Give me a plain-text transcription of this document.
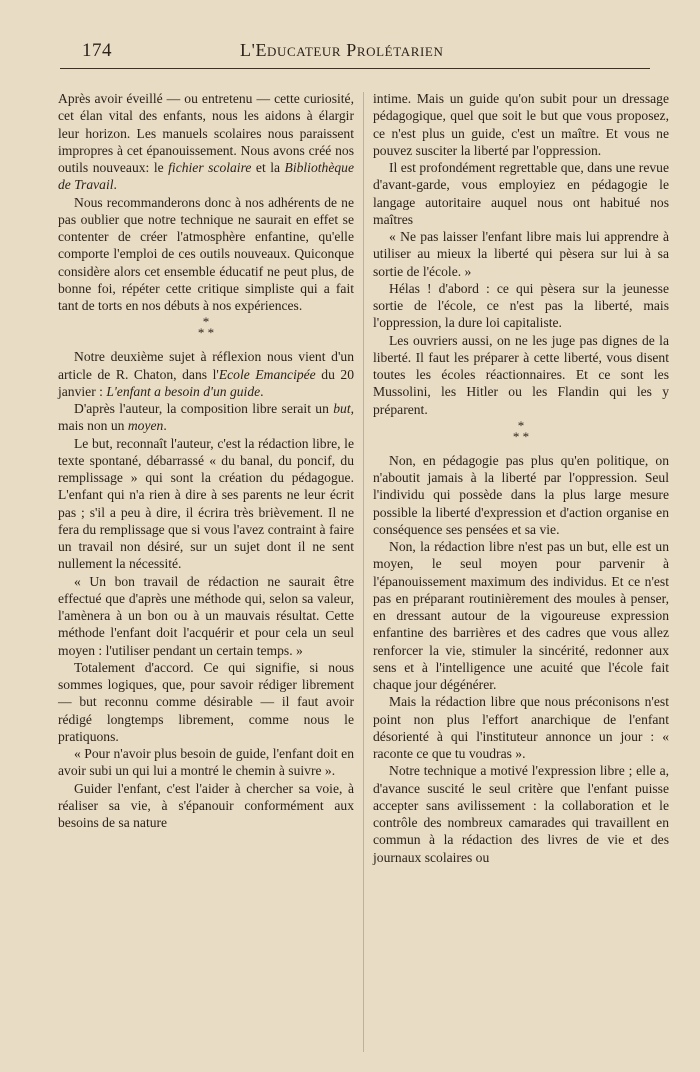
174	L'Educateur Prolétarien

Après avoir éveillé — ou entretenu — cette curiosité, cet élan vital des enfants, nous les aidons à élargir leur horizon. Les manuels scolaires nous paraissent impropres à cet épanouissement. Nous avons créé nos outils nouveaux: le fichier scolaire et la Bibliothèque de Travail.

Nous recommanderons donc à nos adhérents de ne pas oublier que notre technique ne saurait en effet se contenter de créer l'atmosphère enfantine, qu'elle comporte l'emploi de ces outils nouveaux. Quiconque considère alors cet ensemble éducatif ne peut plus, de bonne foi, répéter cette critique simpliste qui a fait tant de torts en nos débuts à nos expériences.

*
* *

Notre deuxième sujet à réflexion nous vient d'un article de R. Chaton, dans l'Ecole Emancipée du 20 janvier : L'enfant a besoin d'un guide.

D'après l'auteur, la composition libre serait un but, mais non un moyen.

Le but, reconnaît l'auteur, c'est la rédaction libre, le texte spontané, débarrassé « du banal, du poncif, du remplissage » qui sont la création du pédagogue. L'enfant qui n'a rien à dire à ses parents ne leur écrit pas ; s'il a peu à dire, il écrira très brièvement. Il ne fera du remplissage que si vous l'avez contraint à faire un travail non désiré, sur un sujet dont il ne sent nullement la nécessité.

« Un bon travail de rédaction ne saurait être effectué que d'après une méthode qui, selon sa valeur, l'amènera à un bon ou à un mauvais résultat. Cette méthode l'enfant doit l'acquérir et pour cela un seul moyen : l'utiliser pendant un certain temps. »

Totalement d'accord. Ce qui signifie, si nous sommes logiques, que, pour savoir rédiger librement — but reconnu comme désirable — il faut avoir rédigé longtemps librement, comme nous le pratiquons.

« Pour n'avoir plus besoin de guide, l'enfant doit en avoir subi un qui lui a montré le chemin à suivre ».

Guider l'enfant, c'est l'aider à chercher sa voie, à réaliser sa vie, à s'épanouir conformément aux besoins de sa nature

intime. Mais un guide qu'on subit pour un dressage pédagogique, quel que soit le but que vous proposez, ce n'est plus un guide, c'est un maître. Et vous ne pouvez susciter la liberté par l'oppression.

Il est profondément regrettable que, dans une revue d'avant-garde, vous employiez en pédagogie le langage autoritaire auquel nous ont habitué nos maîtres

« Ne pas laisser l'enfant libre mais lui apprendre à utiliser au mieux la liberté qui pèsera sur lui à sa sortie de l'école. »

Hélas ! d'abord : ce qui pèsera sur la jeunesse sortie de l'école, ce n'est pas la liberté, mais l'oppression, la dure loi capitaliste.

Les ouvriers aussi, on ne les juge pas dignes de la liberté. Il faut les préparer à cette liberté, vous disent toutes les écoles réactionnaires. Et ce sont les Mussolini, les Hitler ou les Flandin qui les y préparent.

*
* *

Non, en pédagogie pas plus qu'en politique, on n'aboutit jamais à la liberté par l'oppression. Seul l'individu qui possède dans la plus large mesure possible la liberté d'expression et d'action organise en conséquence ses pensées et sa vie.

Non, la rédaction libre n'est pas un but, elle est un moyen, le seul moyen pour parvenir à l'épanouissement maximum des individus. Et ce n'est pas en préparant routinièrement des moules à penser, en dressant autour de la vigoureuse expression enfantine des barrières et des cadres que vous allez renforcer la vie, stimuler la sincérité, redonner aux sens et à l'intelligence une acuité que l'école fait chaque jour dégénérer.

Mais la rédaction libre que nous préconisons n'est point non plus l'effort anarchique de l'enfant désorienté à qui l'instituteur annonce un jour : « raconte ce que tu voudras ».

Notre technique a motivé l'expression libre ; elle a, d'avance suscité le seul critère que l'enfant puisse accepter sans avilissement : la collaboration et le contrôle des nombreux camarades qui travaillent en commun à la rédaction des livres de vie et des journaux scolaires ou
